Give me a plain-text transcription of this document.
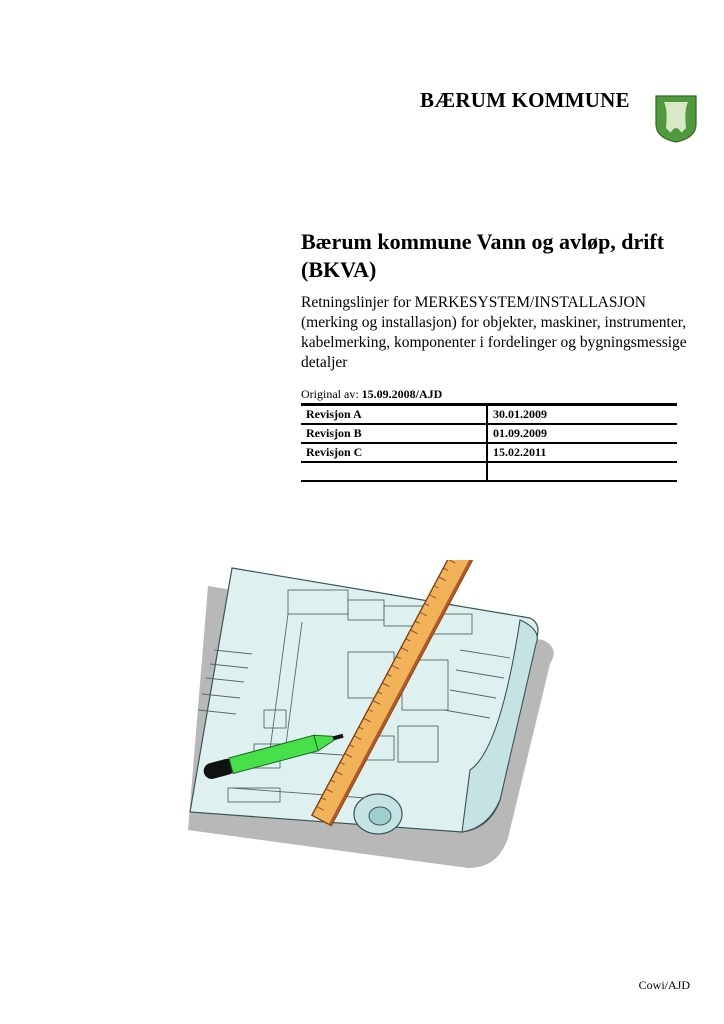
BÆRUM KOMMUNE
Bærum kommune Vann og avløp, drift (BKVA)

Retningslinjer for MERKESYSTEM/INSTALLASJON (merking og installasjon) for objekter, maskiner, instrumenter, kabelmerking, komponenter i fordelinger og bygningsmessige detaljer

Original av: 15.09.2008/AJD
Revisjon A	30.01.2009
Revisjon B	01.09.2009
Revisjon C	15.02.2011
Cowi/AJD
